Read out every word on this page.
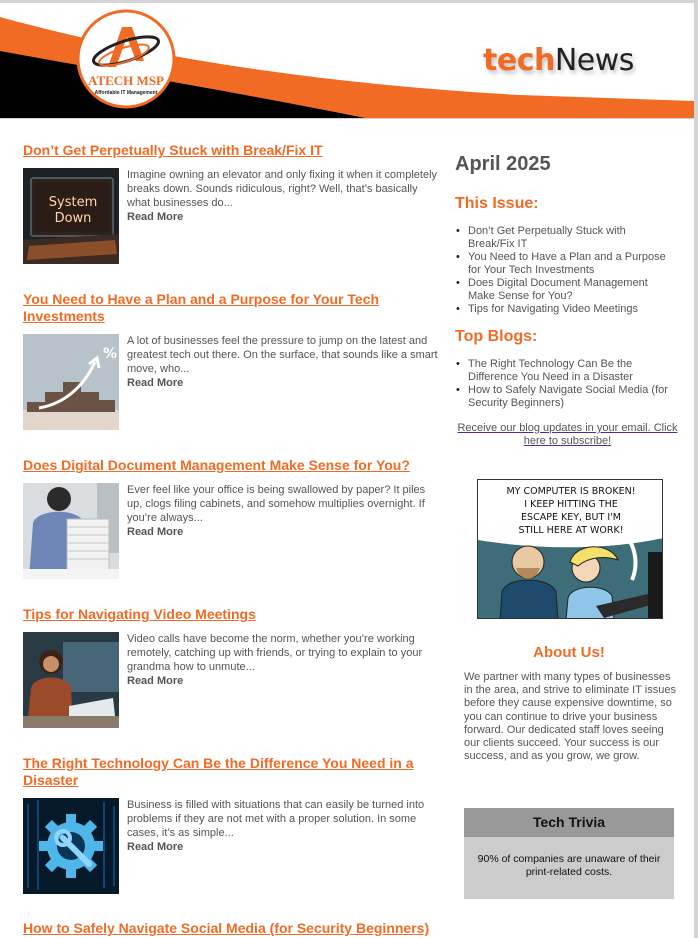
ATECH MSP
Affordable IT Management
techNews
Don’t Get Perpetually Stuck with Break/Fix IT
System
Down
Imagine owning an elevator and only fixing it when it completely breaks down. Sounds ridiculous, right? Well, that’s basically what businesses do...
Read More
You Need to Have a Plan and a Purpose for Your Tech Investments
%
A lot of businesses feel the pressure to jump on the latest and greatest tech out there. On the surface, that sounds like a smart move, who...
Read More
Does Digital Document Management Make Sense for You?
Ever feel like your office is being swallowed by paper? It piles up, clogs filing cabinets, and somehow multiplies overnight. If you’re always...
Read More
Tips for Navigating Video Meetings
Video calls have become the norm, whether you’re working remotely, catching up with friends, or trying to explain to your grandma how to unmute...
Read More
The Right Technology Can Be the Difference You Need in a Disaster
Business is filled with situations that can easily be turned into problems if they are not met with a proper solution. In some cases, it’s as simple...
Read More
How to Safely Navigate Social Media (for Security Beginners)
April 2025
This Issue:
• Don’t Get Perpetually Stuck with Break/Fix IT
• You Need to Have a Plan and a Purpose for Your Tech Investments
• Does Digital Document Management Make Sense for You?
• Tips for Navigating Video Meetings
Top Blogs:
• The Right Technology Can Be the Difference You Need in a Disaster
• How to Safely Navigate Social Media (for Security Beginners)
Receive our blog updates in your email. Click here to subscribe!
MY COMPUTER IS BROKEN!
I KEEP HITTING THE
ESCAPE KEY, BUT I'M
STILL HERE AT WORK!
About Us!
We partner with many types of businesses in the area, and strive to eliminate IT issues before they cause expensive downtime, so you can continue to drive your business forward. Our dedicated staff loves seeing our clients succeed. Your success is our success, and as you grow, we grow.
Tech Trivia
90% of companies are unaware of their print-related costs.
